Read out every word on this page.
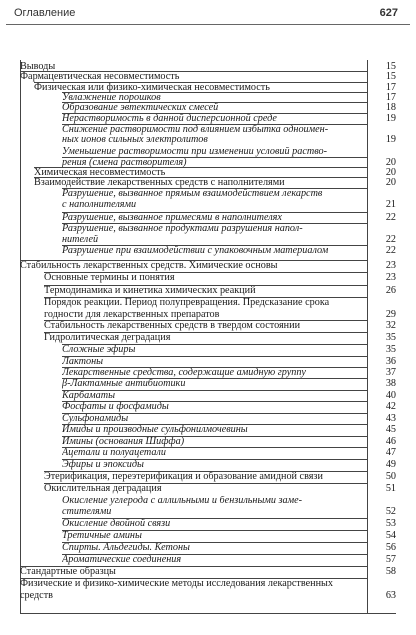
Оглавление	627
Выводы	15
Фармацевтическая несовместимость	15
Физическая или физико-химическая несовместимость	17
Увлажнение порошков	17
Образование эвтектических смесей	18
Нерастворимость в данной дисперсионной среде	19
Снижение растворимости под влиянием избытка одноимен-
ных ионов сильных электролитов	19
Уменьшение растворимости при изменении условий раство-
рения (смена растворителя)	20
Химическая несовместимость	20
Взаимодействие лекарственных средств с наполнителями	20
Разрушение, вызванное прямым взаимодействием лекарств
с наполнителями	21
Разрушение, вызванное примесями в наполнителях	22
Разрушение, вызванное продуктами разрушения напол-
нителей	22
Разрушение при взаимодействии с упаковочным материалом	22
Стабильность лекарственных средств. Химические основы	23
Основные термины и понятия	23
Термодинамика и кинетика химических реакций	26
Порядок реакции. Период полупревращения. Предсказание срока
годности для лекарственных препаратов	29
Стабильность лекарственных средств в твердом состоянии	32
Гидролитическая деградация	35
Сложные эфиры	35
Лактоны	36
Лекарственные средства, содержащие амидную группу	37
β-Лактамные антибиотики	38
Карбаматы	40
Фосфаты и фосфамиды	42
Сульфонамиды	43
Имиды и производные сульфонилмочевины	45
Имины (основания Шиффа)	46
Ацетали и полуацетали	47
Эфиры и эпоксиды	49
Этерификация, переэтерификация и образование амидной связи	50
Окислительная деградация	51
Окисление углерода с аллильными и бензильными заме-
стителями	52
Окисление двойной связи	53
Третичные амины	54
Спирты. Альдегиды. Кетоны	56
Ароматические соединения	57
Стандартные образцы	58
Физические и физико-химические методы исследования лекарственных
средств	63
